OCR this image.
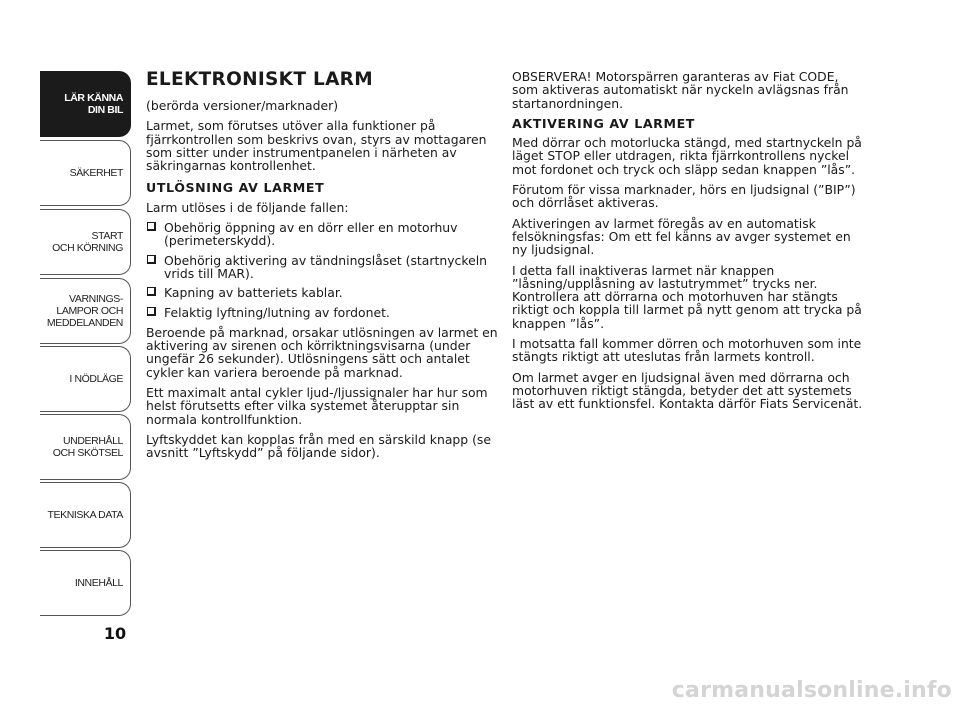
LÄR KÄNNA
DIN BIL
SÄKERHET
START
OCH KÖRNING
VARNINGS-
LAMPOR OCH
MEDDELANDEN
I NÖDLÄGE
UNDERHÅLL
OCH SKÖTSEL
TEKNISKA DATA
INNEHÅLL
10
ELEKTRONISKT LARM

(berörda versioner/marknader)

Larmet, som förutses utöver alla funktioner på fjärrkontrollen som beskrivs ovan, styrs av mottagaren som sitter under instrumentpanelen i närheten av säkringarnas kontrollenhet.

UTLÖSNING AV LARMET

Larm utlöses i de följande fallen:

Obehörig öppning av en dörr eller en motorhuv (perimeterskydd).
Obehörig aktivering av tändningslåset (startnyckeln vrids till MAR).
Kapning av batteriets kablar.
Felaktig lyftning/lutning av fordonet.

Beroende på marknad, orsakar utlösningen av larmet en aktivering av sirenen och körriktningsvisarna (under ungefär 26 sekunder). Utlösningens sätt och antalet cykler kan variera beroende på marknad.

Ett maximalt antal cykler ljud-/ljussignaler har hur som helst förutsetts efter vilka systemet återupptar sin normala kontrollfunktion.

Lyftskyddet kan kopplas från med en särskild knapp (se avsnitt ”Lyftskydd” på följande sidor).

OBSERVERA! Motorspärren garanteras av Fiat CODE, som aktiveras automatiskt när nyckeln avlägsnas från startanordningen.

AKTIVERING AV LARMET

Med dörrar och motorlucka stängd, med startnyckeln på läget STOP eller utdragen, rikta fjärrkontrollens nyckel mot fordonet och tryck och släpp sedan knappen ”lås”.

Förutom för vissa marknader, hörs en ljudsignal (”BIP”) och dörrlåset aktiveras.

Aktiveringen av larmet föregås av en automatisk felsökningsfas: Om ett fel känns av avger systemet en ny ljudsignal.

I detta fall inaktiveras larmet när knappen ”låsning/upplåsning av lastutrymmet” trycks ner. Kontrollera att dörrarna och motorhuven har stängts riktigt och koppla till larmet på nytt genom att trycka på knappen ”lås”.

I motsatta fall kommer dörren och motorhuven som inte stängts riktigt att uteslutas från larmets kontroll.

Om larmet avger en ljudsignal även med dörrarna och motorhuven riktigt stängda, betyder det att systemets läst av ett funktionsfel. Kontakta därför Fiats Servicenät.

carmanualsonline.info
